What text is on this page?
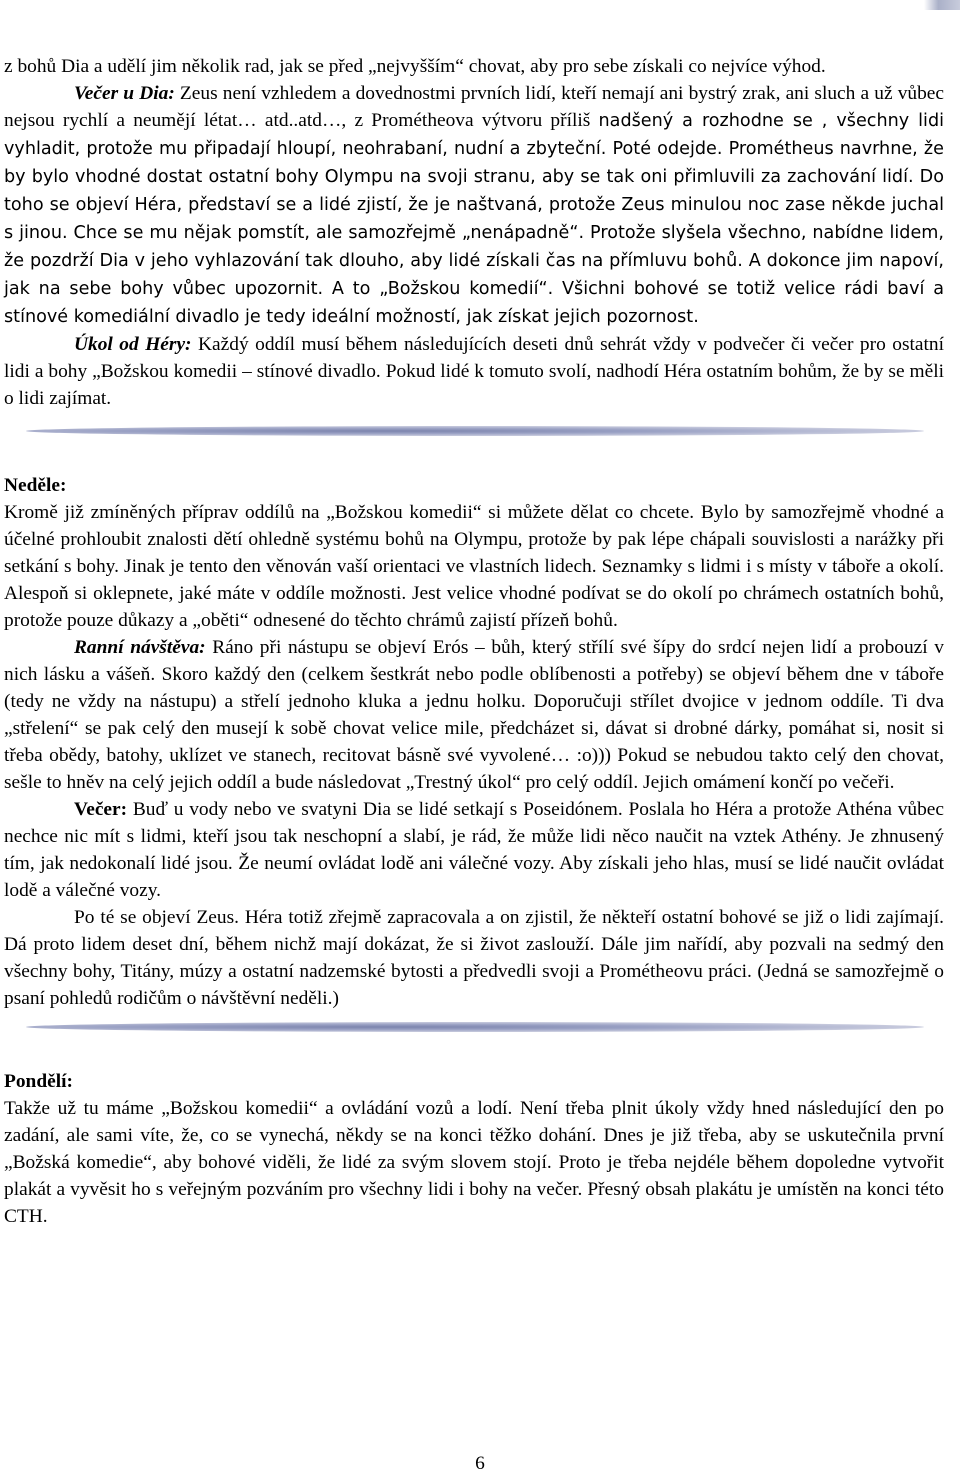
z bohů Dia a udělí jim několik rad, jak se před „nejvyšším“ chovat, aby pro sebe získali co nejvíce výhod.

Večer u Dia: Zeus není vzhledem a dovednostmi prvních lidí, kteří nemají ani bystrý zrak, ani sluch a už vůbec nejsou rychlí a neumějí létat… atd..atd…, z Prométheova výtvoru příliš nadšený a rozhodne se , všechny lidi vyhladit, protože mu připadají hloupí, neohrabaní, nudní a zbyteční. Poté odejde. Prométheus navrhne, že by bylo vhodné dostat ostatní bohy Olympu na svoji stranu, aby se tak oni přimluvili za zachování lidí. Do toho se objeví Héra, představí se a lidé zjistí, že je naštvaná, protože Zeus minulou noc zase někde juchal s jinou. Chce se mu nějak pomstít, ale samozřejmě „nenápadně“. Protože slyšela všechno, nabídne lidem, že pozdrží Dia v jeho vyhlazování tak dlouho, aby lidé získali čas na přímluvu bohů. A dokonce jim napoví, jak na sebe bohy vůbec upozornit. A to „Božskou komedií“. Všichni bohové se totiž velice rádi baví a stínové komediální divadlo je tedy ideální možností, jak získat jejich pozornost.

Úkol od Héry: Každý oddíl musí během následujících deseti dnů sehrát vždy v podvečer či večer pro ostatní lidi a bohy „Božskou komedii – stínové divadlo. Pokud lidé k tomuto svolí, nadhodí Héra ostatním bohům, že by se měli o lidi zajímat.

Neděle:

Kromě již zmíněných příprav oddílů na „Božskou komedii“ si můžete dělat co chcete. Bylo by samozřejmě vhodné a účelné prohloubit znalosti dětí ohledně systému bohů na Olympu, protože by pak lépe chápali souvislosti a narážky při setkání s bohy. Jinak je tento den věnován vaší orientaci ve vlastních lidech. Seznamky s lidmi i s místy v táboře a okolí. Alespoň si oklepnete, jaké máte v oddíle možnosti. Jest velice vhodné podívat se do okolí po chrámech ostatních bohů, protože pouze důkazy a „oběti“ odnesené do těchto chrámů zajistí přízeň bohů.

Ranní návštěva: Ráno při nástupu se objeví Erós – bůh, který střílí své šípy do srdcí nejen lidí a probouzí v nich lásku a vášeň. Skoro každý den (celkem šestkrát nebo podle oblíbenosti a potřeby) se objeví během dne v táboře (tedy ne vždy na nástupu) a střelí jednoho kluka a jednu holku. Doporučuji střílet dvojice v jednom oddíle. Ti dva „střelení“ se pak celý den musejí k sobě chovat velice mile, předcházet si, dávat si drobné dárky, pomáhat si, nosit si třeba obědy, batohy, uklízet ve stanech, recitovat básně své vyvolené… :o))) Pokud se nebudou takto celý den chovat, sešle to hněv na celý jejich oddíl a bude následovat „Trestný úkol“ pro celý oddíl. Jejich omámení končí po večeři.

Večer: Buď u vody nebo ve svatyni Dia se lidé setkají s Poseidónem. Poslala ho Héra a protože Athéna vůbec nechce nic mít s lidmi, kteří jsou tak neschopní a slabí, je rád, že může lidi něco naučit na vztek Athény. Je zhnusený tím, jak nedokonalí lidé jsou. Že neumí ovládat lodě ani válečné vozy. Aby získali jeho hlas, musí se lidé naučit ovládat lodě a válečné vozy.

Po té se objeví Zeus. Héra totiž zřejmě zapracovala a on zjistil, že někteří ostatní bohové se již o lidi zajímají. Dá proto lidem deset dní, během nichž mají dokázat, že si život zaslouží. Dále jim nařídí, aby pozvali na sedmý den všechny bohy, Titány, múzy a ostatní nadzemské bytosti a předvedli svoji a Prométheovu práci. (Jedná se samozřejmě o psaní pohledů rodičům o návštěvní neděli.)

Pondělí:

Takže už tu máme „Božskou komedii“ a ovládání vozů a lodí. Není třeba plnit úkoly vždy hned následující den po zadání, ale sami víte, že, co se vynechá, někdy se na konci těžko dohání. Dnes je již třeba, aby se uskutečnila první „Božská komedie“, aby bohové viděli, že lidé za svým slovem stojí. Proto je třeba nejdéle během dopoledne vytvořit plakát a vyvěsit ho s veřejným pozváním pro všechny lidi i bohy na večer. Přesný obsah plakátu je umístěn na konci této CTH.

6
